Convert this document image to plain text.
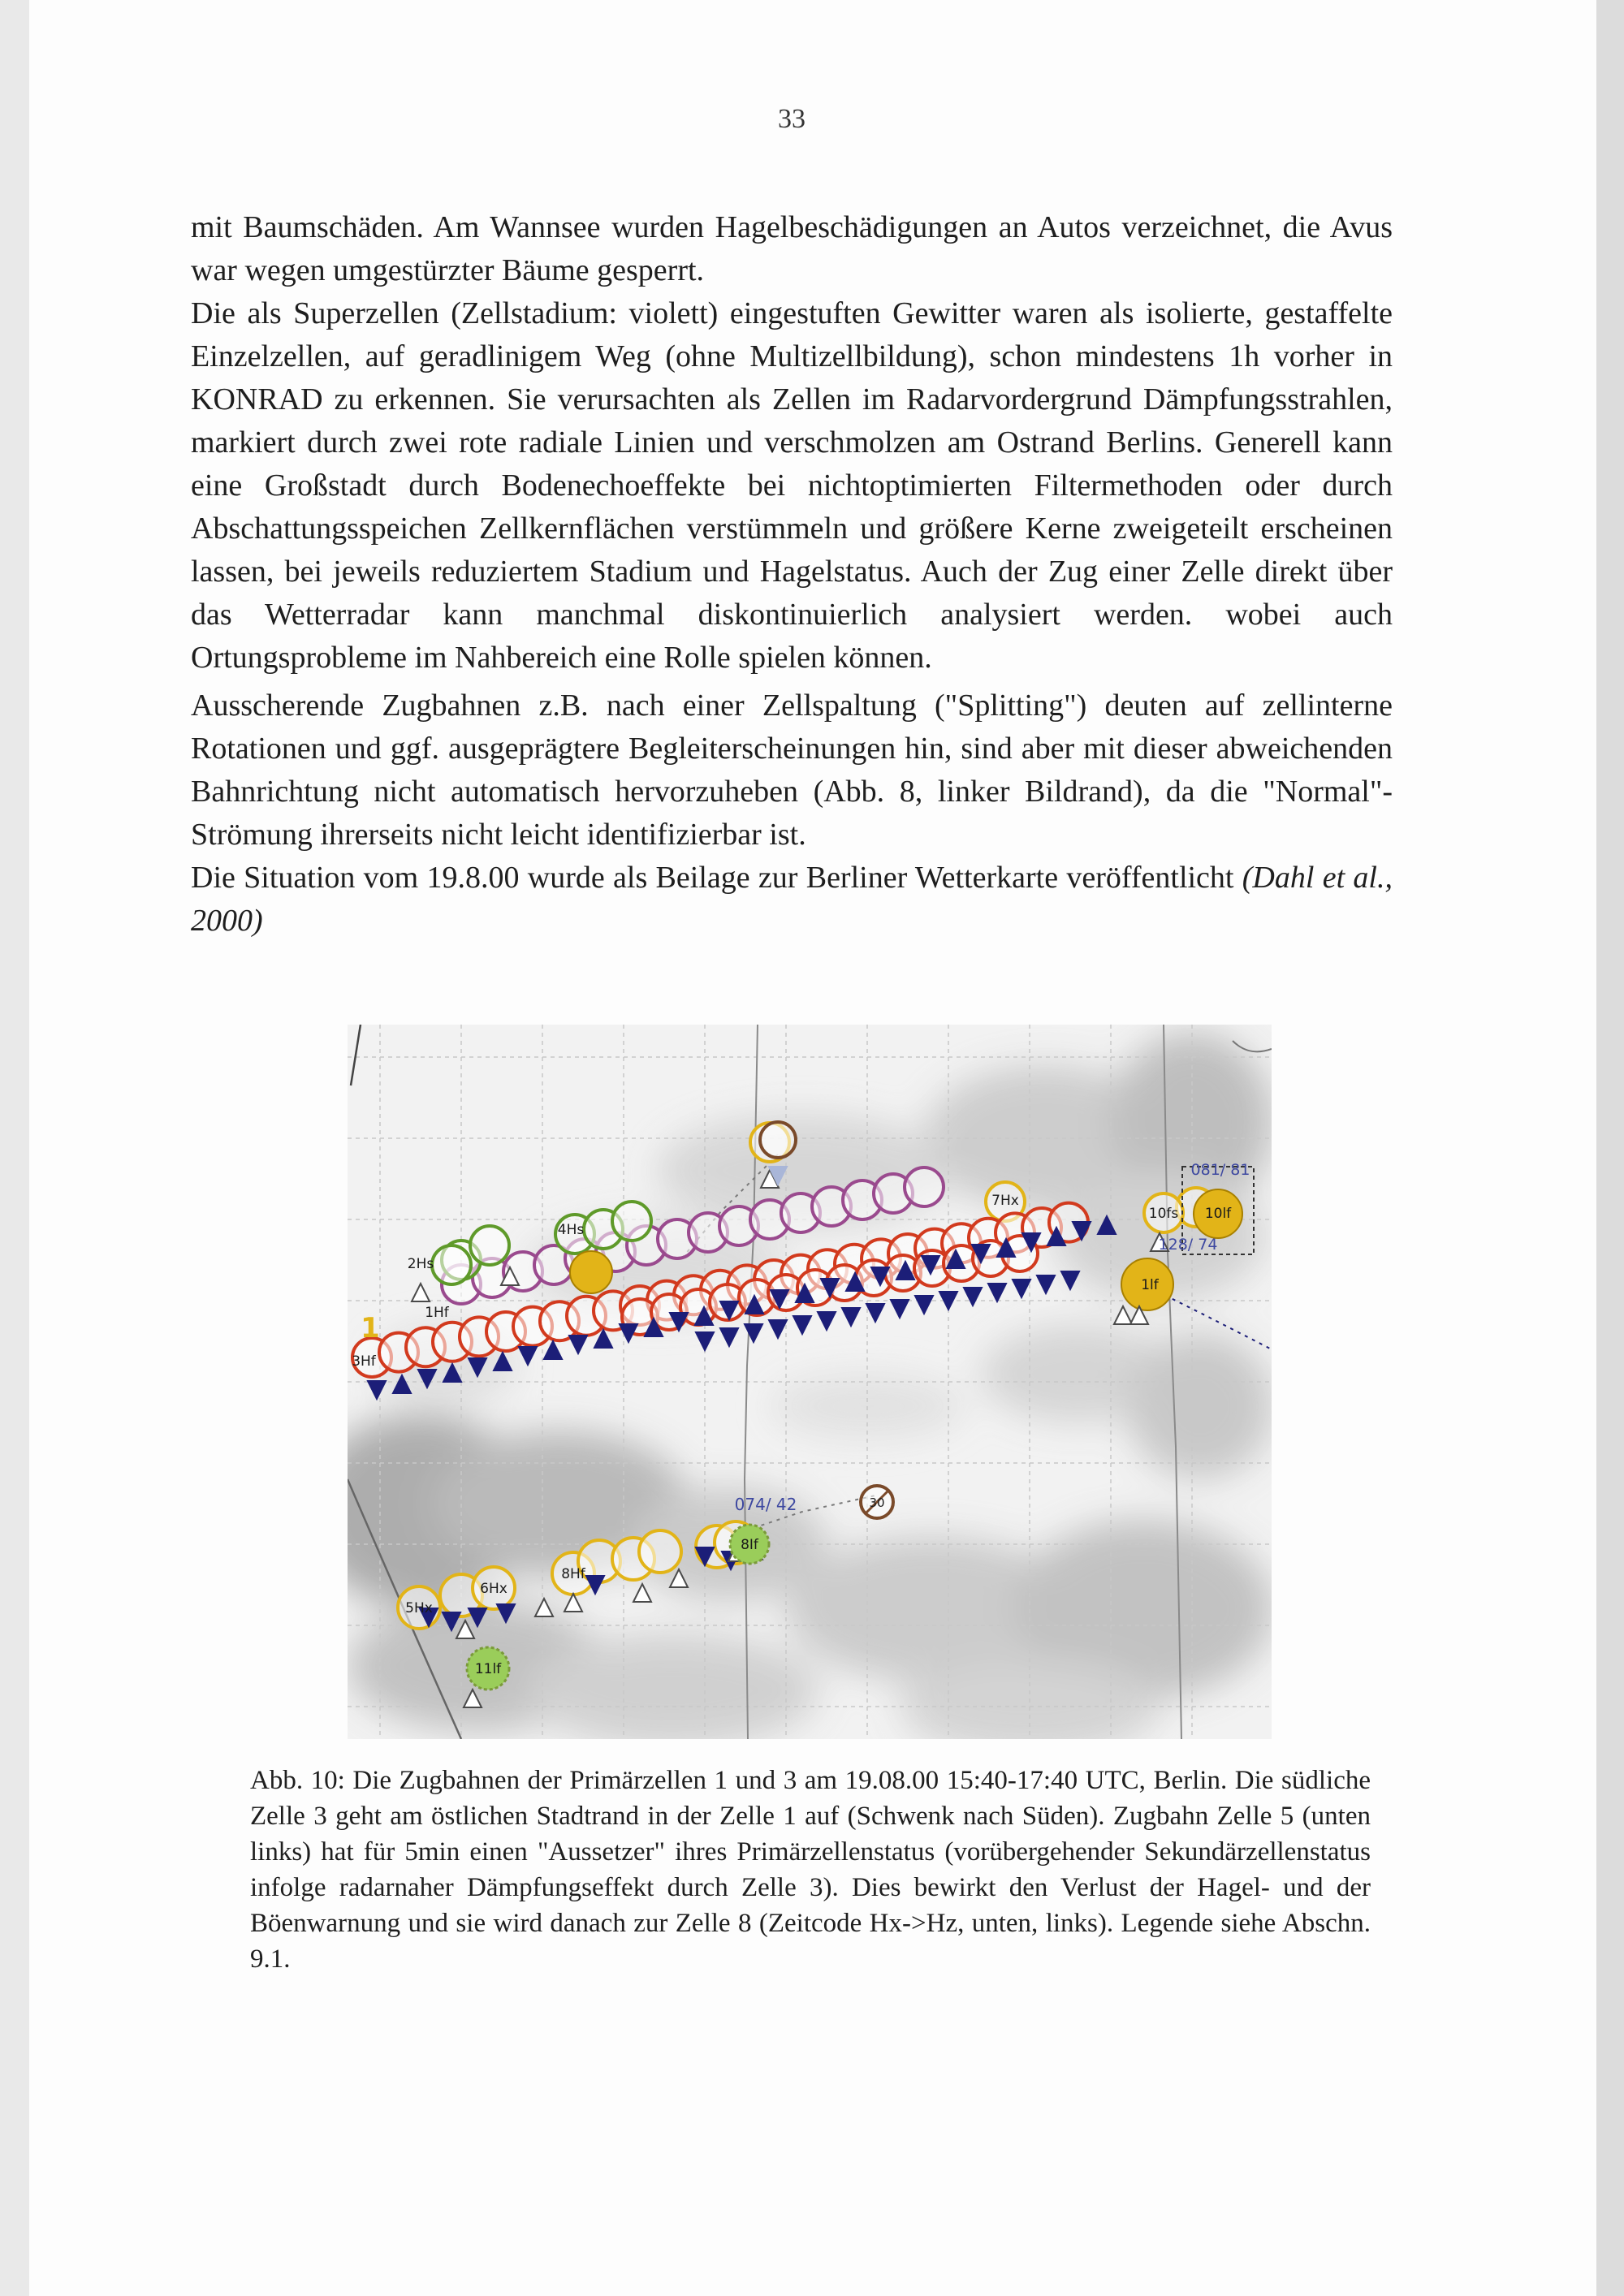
33

mit Baumschäden. Am Wannsee wurden Hagelbeschädigungen an Autos verzeichnet, die Avus war wegen umgestürzter Bäume gesperrt.

Die als Superzellen (Zellstadium: violett) eingestuften Gewitter waren als isolierte, gestaffelte Einzelzellen, auf geradlinigem Weg (ohne Multizellbildung), schon mindestens 1h vorher in KONRAD zu erkennen. Sie verursachten als Zellen im Radarvordergrund Dämpfungsstrahlen, markiert durch zwei rote radiale Linien und verschmolzen am Ostrand Berlins. Generell kann eine Großstadt durch Bodenechoeffekte bei nichtoptimierten Filtermethoden oder durch Abschattungsspeichen Zellkernflächen verstümmeln und größere Kerne zweigeteilt erscheinen lassen, bei jeweils reduziertem Stadium und Hagelstatus. Auch der Zug einer Zelle direkt über das Wetterradar kann manchmal diskontinuierlich analysiert werden. wobei auch Ortungsprobleme im Nahbereich eine Rolle spielen können.

Ausscherende Zugbahnen z.B. nach einer Zellspaltung ("Splitting") deuten auf zellinterne Rotationen und ggf. ausgeprägtere Begleiterscheinungen hin, sind aber mit dieser abweichenden Bahnrichtung nicht automatisch hervorzuheben (Abb. 8, linker Bildrand), da die "Normal"-Strömung ihrerseits nicht leicht identifizierbar ist.

Die Situation vom 19.8.00 wurde als Beilage zur Berliner Wetterkarte veröffentlicht (Dahl et al., 2000)

1
3Hf
1Hf
2Hs
4Hs
7Hx
10fs 10lf
1lf
5Hx
6Hx
8Hf
8If
11lf
30
081/ 81
128/ 74
074/ 42

Abb. 10: Die Zugbahnen der Primärzellen 1 und 3 am 19.08.00 15:40-17:40 UTC, Berlin. Die südliche Zelle 3 geht am östlichen Stadtrand in der Zelle 1 auf (Schwenk nach Süden). Zugbahn Zelle 5 (unten links) hat für 5min einen "Aussetzer" ihres Primärzellenstatus (vorübergehender Sekundärzellenstatus infolge radarnaher Dämpfungseffekt durch Zelle 3). Dies bewirkt den Verlust der Hagel- und der Böenwarnung und sie wird danach zur Zelle 8 (Zeitcode Hx->Hz, unten, links). Legende siehe Abschn. 9.1.
